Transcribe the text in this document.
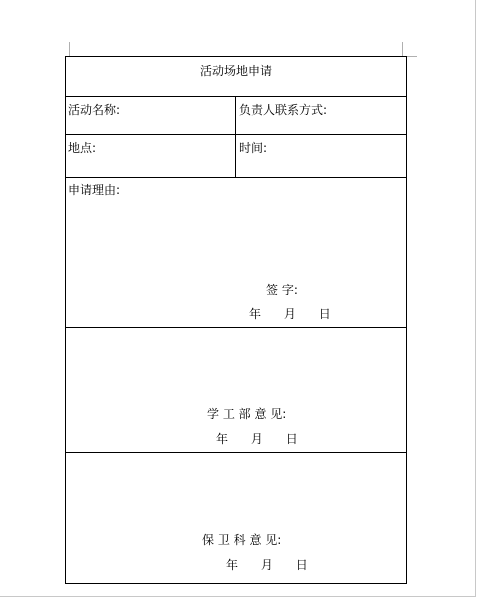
活动场地申请
活动名称:	负责人联系方式:
地点:	时间:
申请理由:
签 字:
年      月      日
学 工 部 意 见:
年      月      日
保 卫 科 意 见:
年      月      日
